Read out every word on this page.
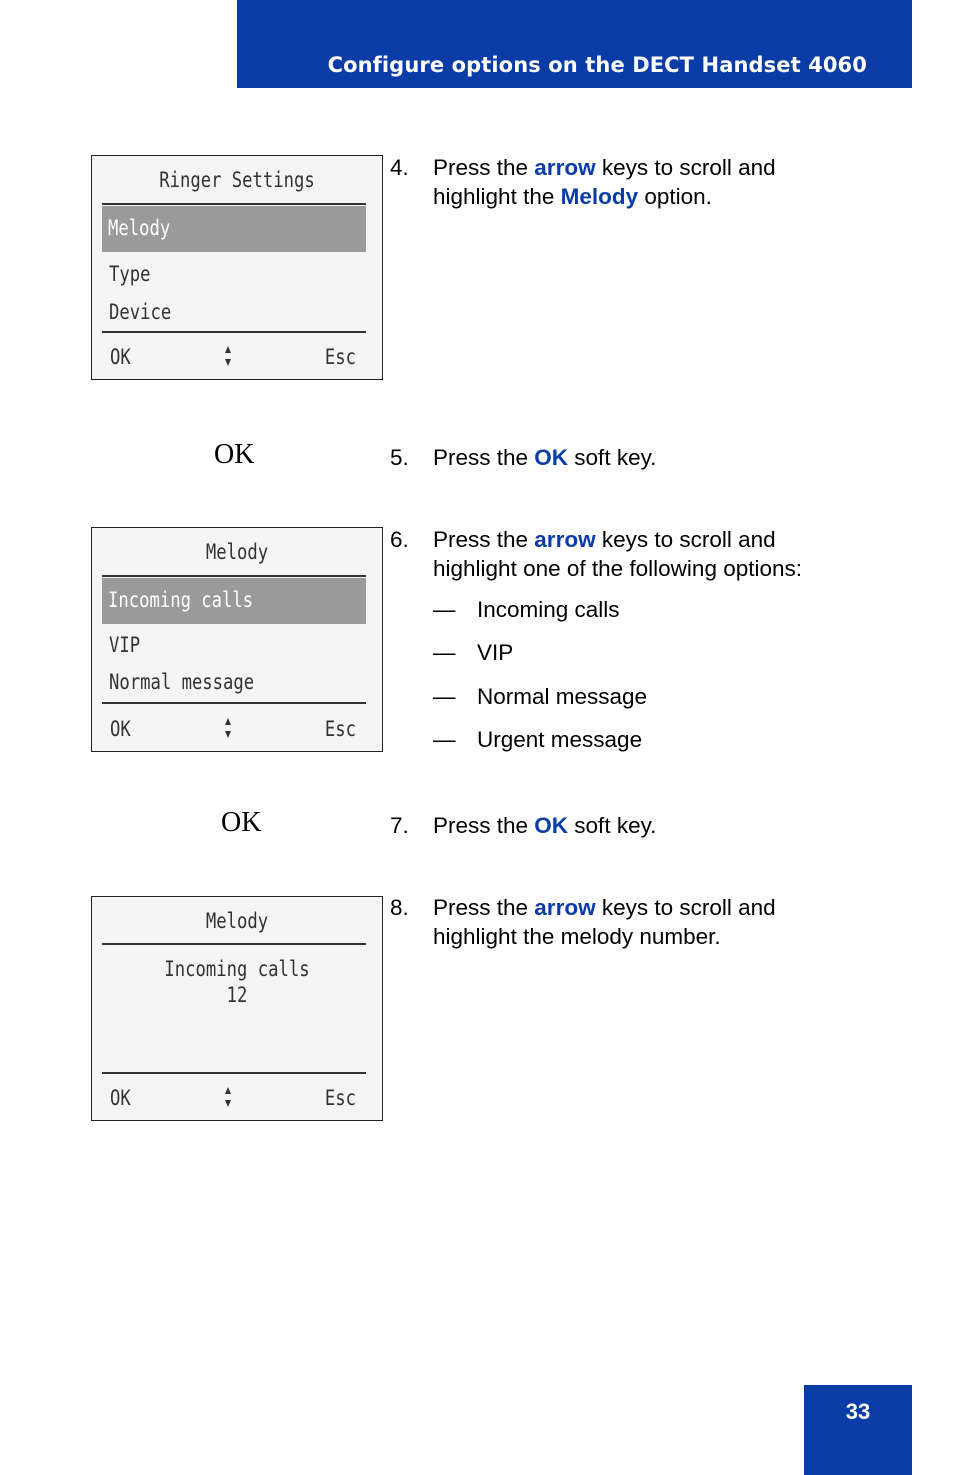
Configure options on the DECT Handset 4060
Ringer Settings
Melody
Type
Device
OK	Esc
4. Press the arrow keys to scroll and highlight the Melody option.
OK	5. Press the OK soft key.
Melody
Incoming calls
VIP
Normal message
OK	Esc
6. Press the arrow keys to scroll and highlight one of the following options:
— Incoming calls
— VIP
— Normal message
— Urgent message
OK	7. Press the OK soft key.
Melody
Incoming calls
12
OK	Esc
8. Press the arrow keys to scroll and highlight the melody number.
33
